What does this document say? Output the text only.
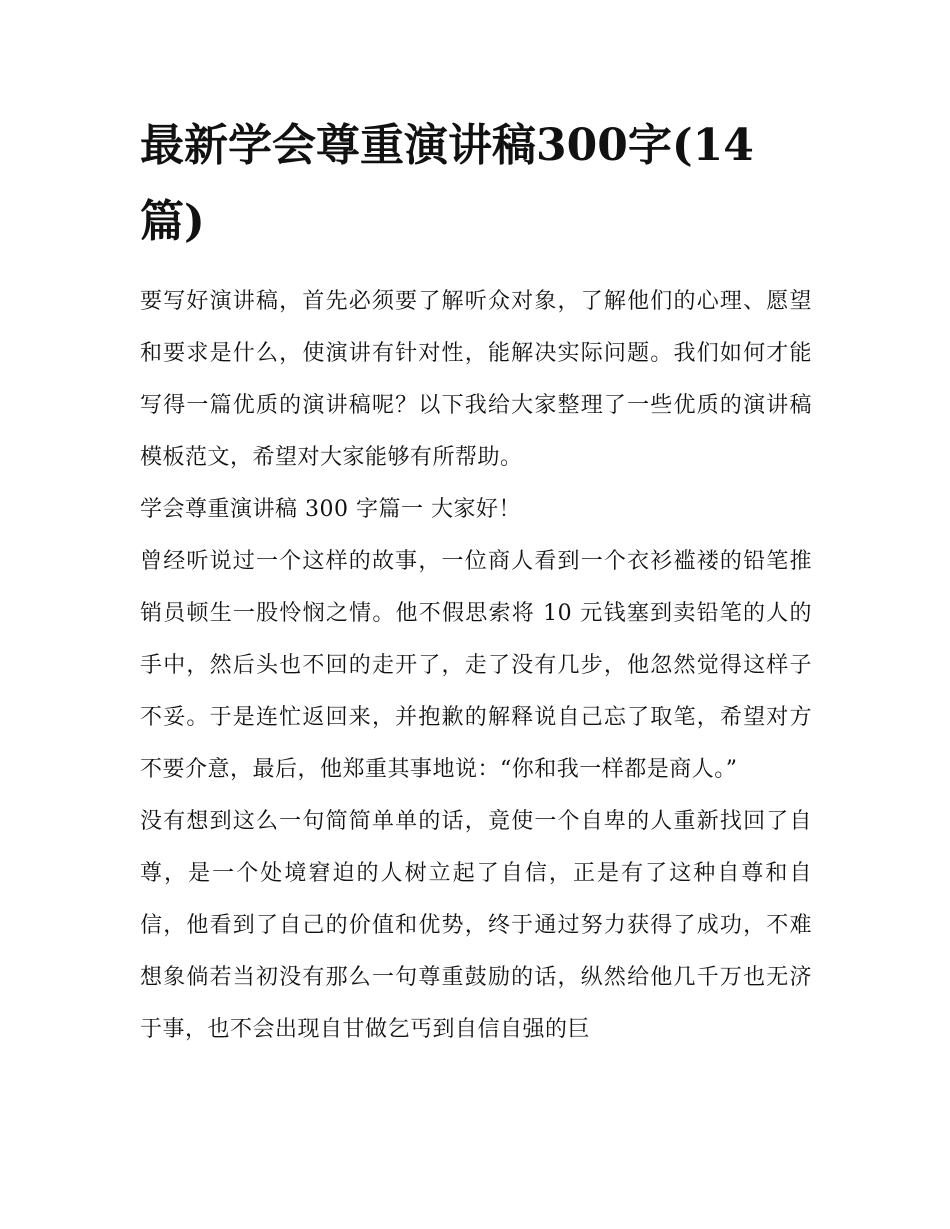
最新学会尊重演讲稿300字(14篇)

要写好演讲稿，首先必须要了解听众对象，了解他们的心理、愿望和要求是什么，使演讲有针对性，能解决实际问题。我们如何才能写得一篇优质的演讲稿呢？以下我给大家整理了一些优质的演讲稿模板范文，希望对大家能够有所帮助。

学会尊重演讲稿 300 字篇一 大家好！

曾经听说过一个这样的故事，一位商人看到一个衣衫褴褛的铅笔推销员顿生一股怜悯之情。他不假思索将 10 元钱塞到卖铅笔的人的手中，然后头也不回的走开了，走了没有几步，他忽然觉得这样子不妥。于是连忙返回来，并抱歉的解释说自己忘了取笔，希望对方不要介意，最后，他郑重其事地说：“你和我一样都是商人。”

没有想到这么一句简简单单的话，竟使一个自卑的人重新找回了自尊，是一个处境窘迫的人树立起了自信，正是有了这种自尊和自信，他看到了自己的价值和优势，终于通过努力获得了成功，不难想象倘若当初没有那么一句尊重鼓励的话，纵然给他几千万也无济于事，也不会出现自甘做乞丐到自信自强的巨
